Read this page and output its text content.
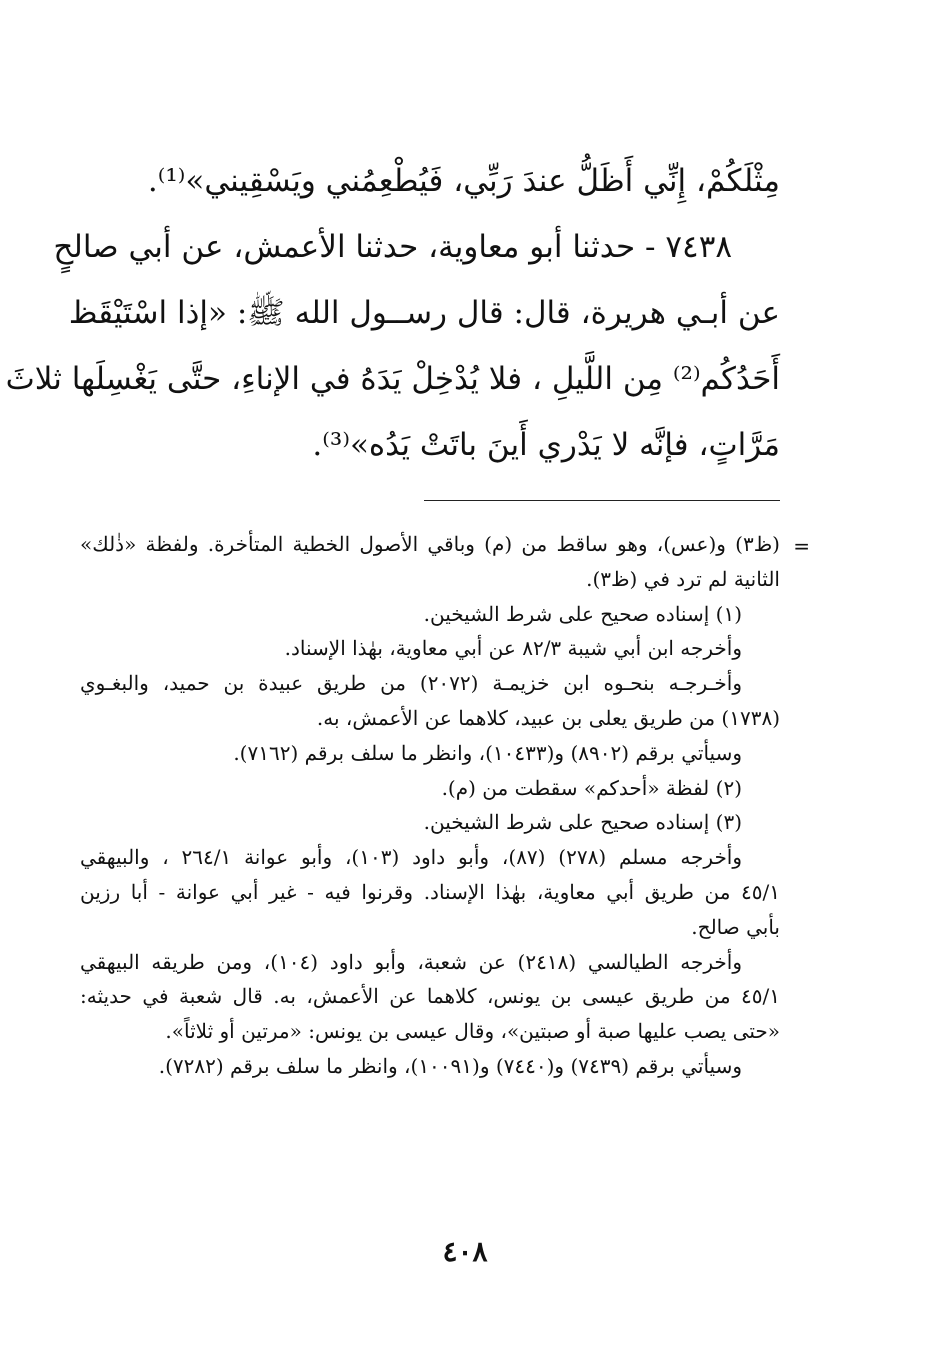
مِثْلَكُمْ، إِنِّي أَظَلُّ عندَ رَبِّي، فَيُطْعِمُني ويَسْقِيني»⁽¹⁾.

٧٤٣٨ - حدثنا أبو معاوية، حدثنا الأعمش، عن أبي صالحٍ

عن أبـي هريرة، قال: قال رســول الله ﷺ: «إذا اسْتَيْقَظ

أَحَدُكُم⁽²⁾ مِن اللَّيلِ ، فلا يُدْخِلْ يَدَهُ في الإناءِ، حتَّى يَغْسِلَها ثلاثَ

مَرَّاتٍ، فإنَّه لا يَدْري أَينَ باتَتْ يَدُه»⁽³⁾.

=

(ظ٣) و(عس)، وهو ساقط من (م) وباقي الأصول الخطية المتأخرة. ولفظة «ذٰلك»

الثانية لم ترد في (ظ٣).

(١) إسناده صحيح على شرط الشيخين.

وأخرجه ابن أبي شيبة ٨٢/٣ عن أبي معاوية، بهٰذا الإسناد.

وأخـرجـه بنحـوه ابن خزيمـة (٢٠٧٢) من طريق عبيدة بن حميد، والبغـوي

(١٧٣٨) من طريق يعلى بن عبيد، كلاهما عن الأعمش، به.

وسيأتي برقم (٨٩٠٢) و(١٠٤٣٣)، وانظر ما سلف برقم (٧١٦٢).

(٢) لفظة «أحدكم» سقطت من (م).

(٣) إسناده صحيح على شرط الشيخين.

وأخرجه مسلم (٢٧٨) (٨٧)، وأبو داود (١٠٣)، وأبو عوانة ٢٦٤/١ ، والبيهقي

٤٥/١ من طريق أبي معاوية، بهٰذا الإسناد. وقرنوا فيه - غير أبي عوانة - أبا رزين

بأبي صالح.

وأخرجه الطيالسي (٢٤١٨) عن شعبة، وأبو داود (١٠٤)، ومن طريقه البيهقي

٤٥/١ من طريق عيسى بن يونس، كلاهما عن الأعمش، به. قال شعبة في حديثه:

«حتى يصب عليها صبة أو صبتين»، وقال عيسى بن يونس: «مرتين أو ثلاثاً».

وسيأتي برقم (٧٤٣٩) و(٧٤٤٠) و(١٠٠٩١)، وانظر ما سلف برقم (٧٢٨٢).

٤٠٨
